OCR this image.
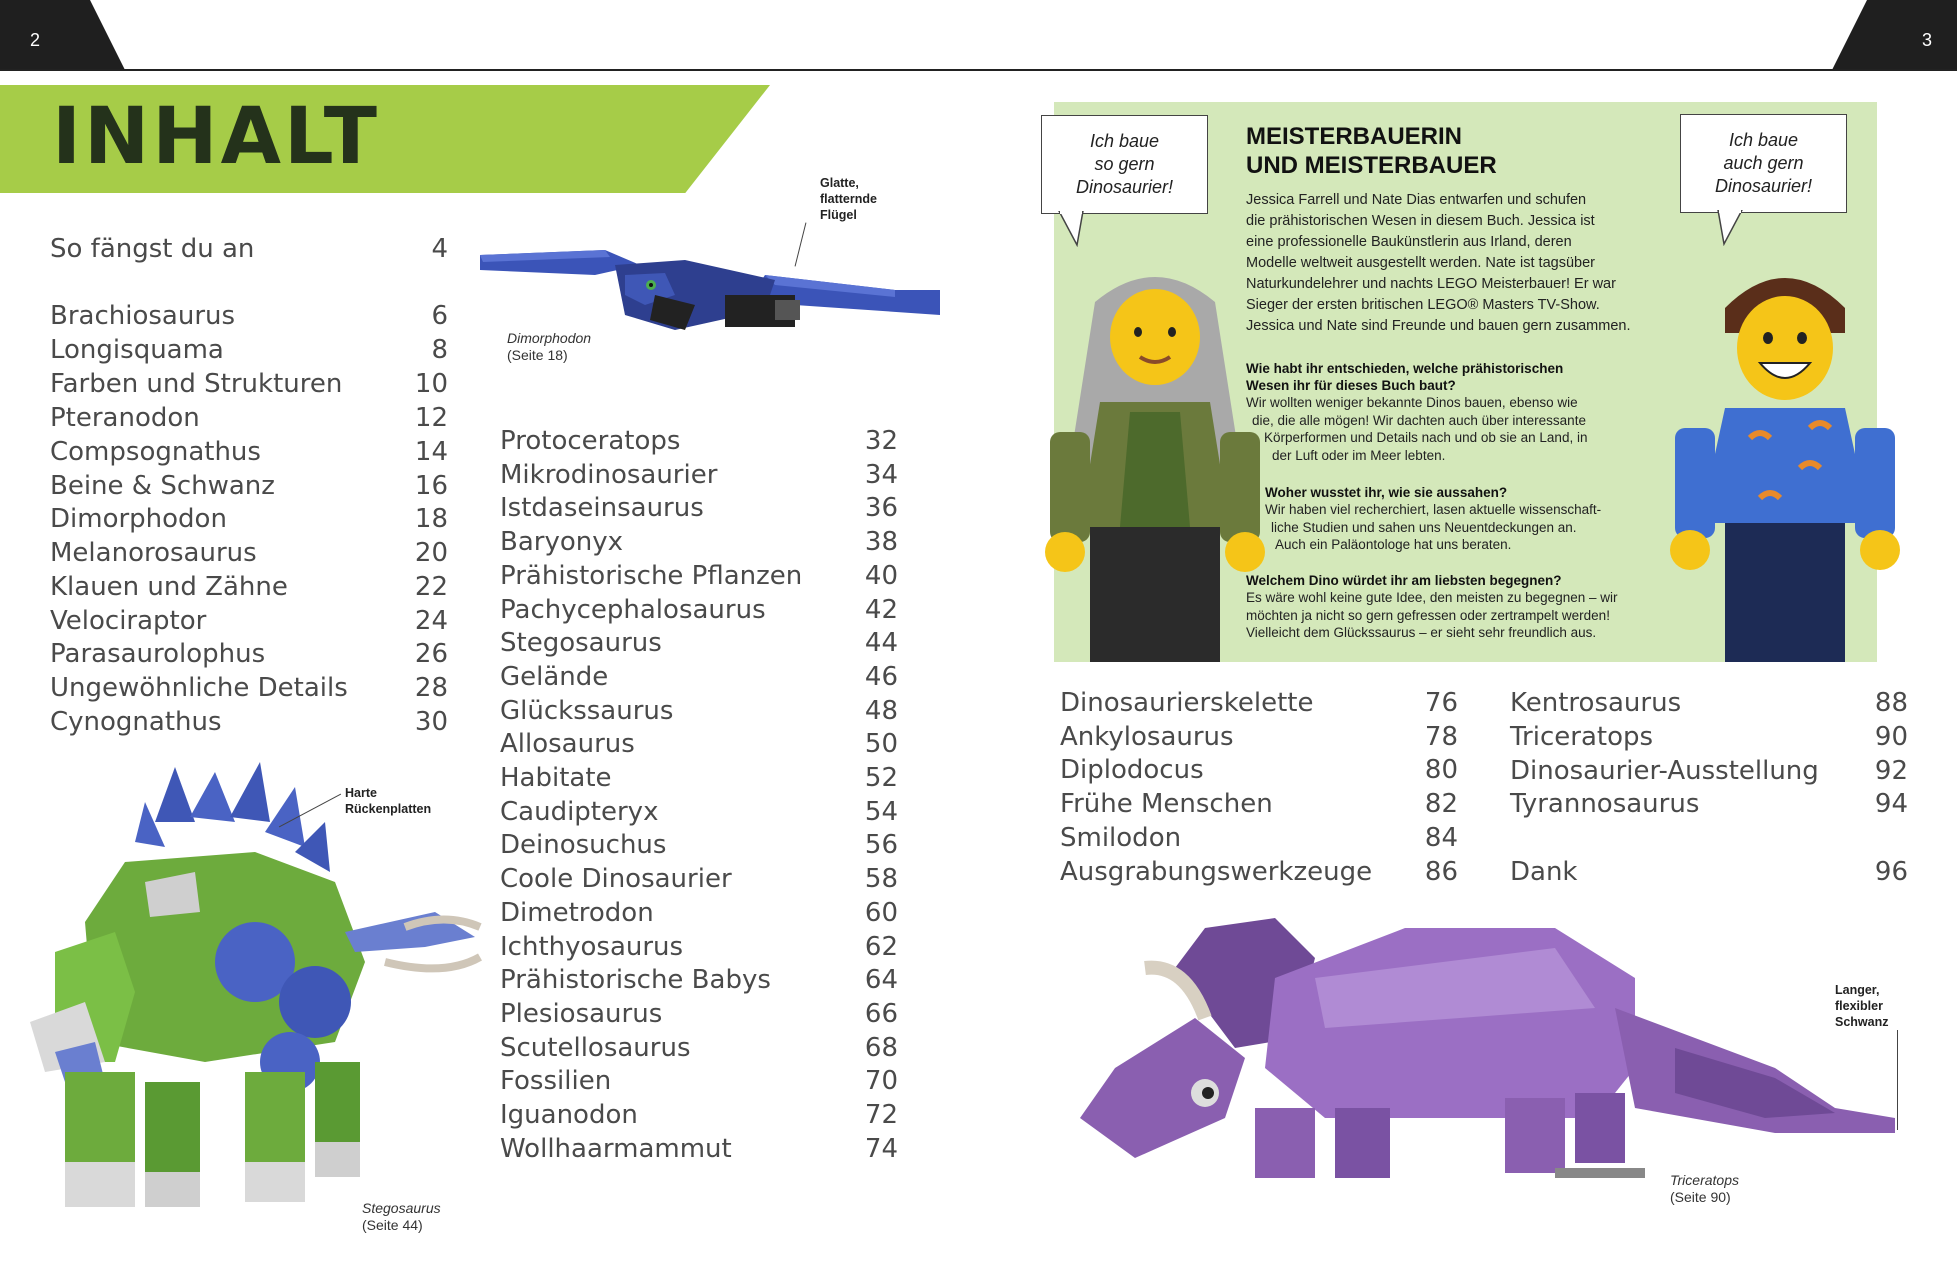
2	3
INHALT
So fängst du an	4
Brachiosaurus	6
Longisquama	8
Farben und Strukturen	10
Pteranodon	12
Compsognathus	14
Beine & Schwanz	16
Dimorphodon	18
Melanorosaurus	20
Klauen und Zähne	22
Velociraptor	24
Parasaurolophus	26
Ungewöhnliche Details	28
Cynognathus	30
Protoceratops	32
Mikrodinosaurier	34
Istdaseinsaurus	36
Baryonyx	38
Prähistorische Pflanzen 40
Pachycephalosaurus	42
Stegosaurus	44
Gelände	46
Glückssaurus	48
Allosaurus	50
Habitate	52
Caudipteryx	54
Deinosuchus	56
Coole Dinosaurier	58
Dimetrodon	60
Ichthyosaurus	62
Prähistorische Babys	64
Plesiosaurus	66
Scutellosaurus	68
Fossilien	70
Iguanodon	72
Wollhaarmammut	74
Dinosaurierskelette	76
Ankylosaurus	78
Diplodocus	80
Frühe Menschen	82
Smilodon	84
Ausgrabungswerkzeuge 86
Kentrosaurus	88
Triceratops	90
Dinosaurier-Ausstellung 92
Tyrannosaurus	94
Dank	96
Glatte,
flatternde
Flügel
Dimorphodon
(Seite 18)
Harte
Rückenplatten
Stegosaurus
(Seite 44)
Ich baue
so gern
Dinosaurier!
Ich baue
auch gern
Dinosaurier!
MEISTERBAUERIN
UND MEISTERBAUER
Jessica Farrell und Nate Dias entwarfen und schufen
die prähistorischen Wesen in diesem Buch. Jessica ist
eine professionelle Baukünstlerin aus Irland, deren
Modelle weltweit ausgestellt werden. Nate ist tagsüber
Naturkundelehrer und nachts LEGO Meisterbauer! Er war
Sieger der ersten britischen LEGO® Masters TV-Show.
Jessica und Nate sind Freunde und bauen gern zusammen.
Wie habt ihr entschieden, welche prähistorischen
Wesen ihr für dieses Buch baut?
Wir wollten weniger bekannte Dinos bauen, ebenso wie
die, die alle mögen! Wir dachten auch über interessante
Körperformen und Details nach und ob sie an Land, in
der Luft oder im Meer lebten.
Woher wusstet ihr, wie sie aussahen?
Wir haben viel recherchiert, lasen aktuelle wissenschaft-
liche Studien und sahen uns Neuentdeckungen an.
Auch ein Paläontologe hat uns beraten.
Welchem Dino würdet ihr am liebsten begegnen?
Es wäre wohl keine gute Idee, den meisten zu begegnen – wir
möchten ja nicht so gern gefressen oder zertrampelt werden!
Vielleicht dem Glückssaurus – er sieht sehr freundlich aus.
Langer,
flexibler
Schwanz
Triceratops
(Seite 90)
